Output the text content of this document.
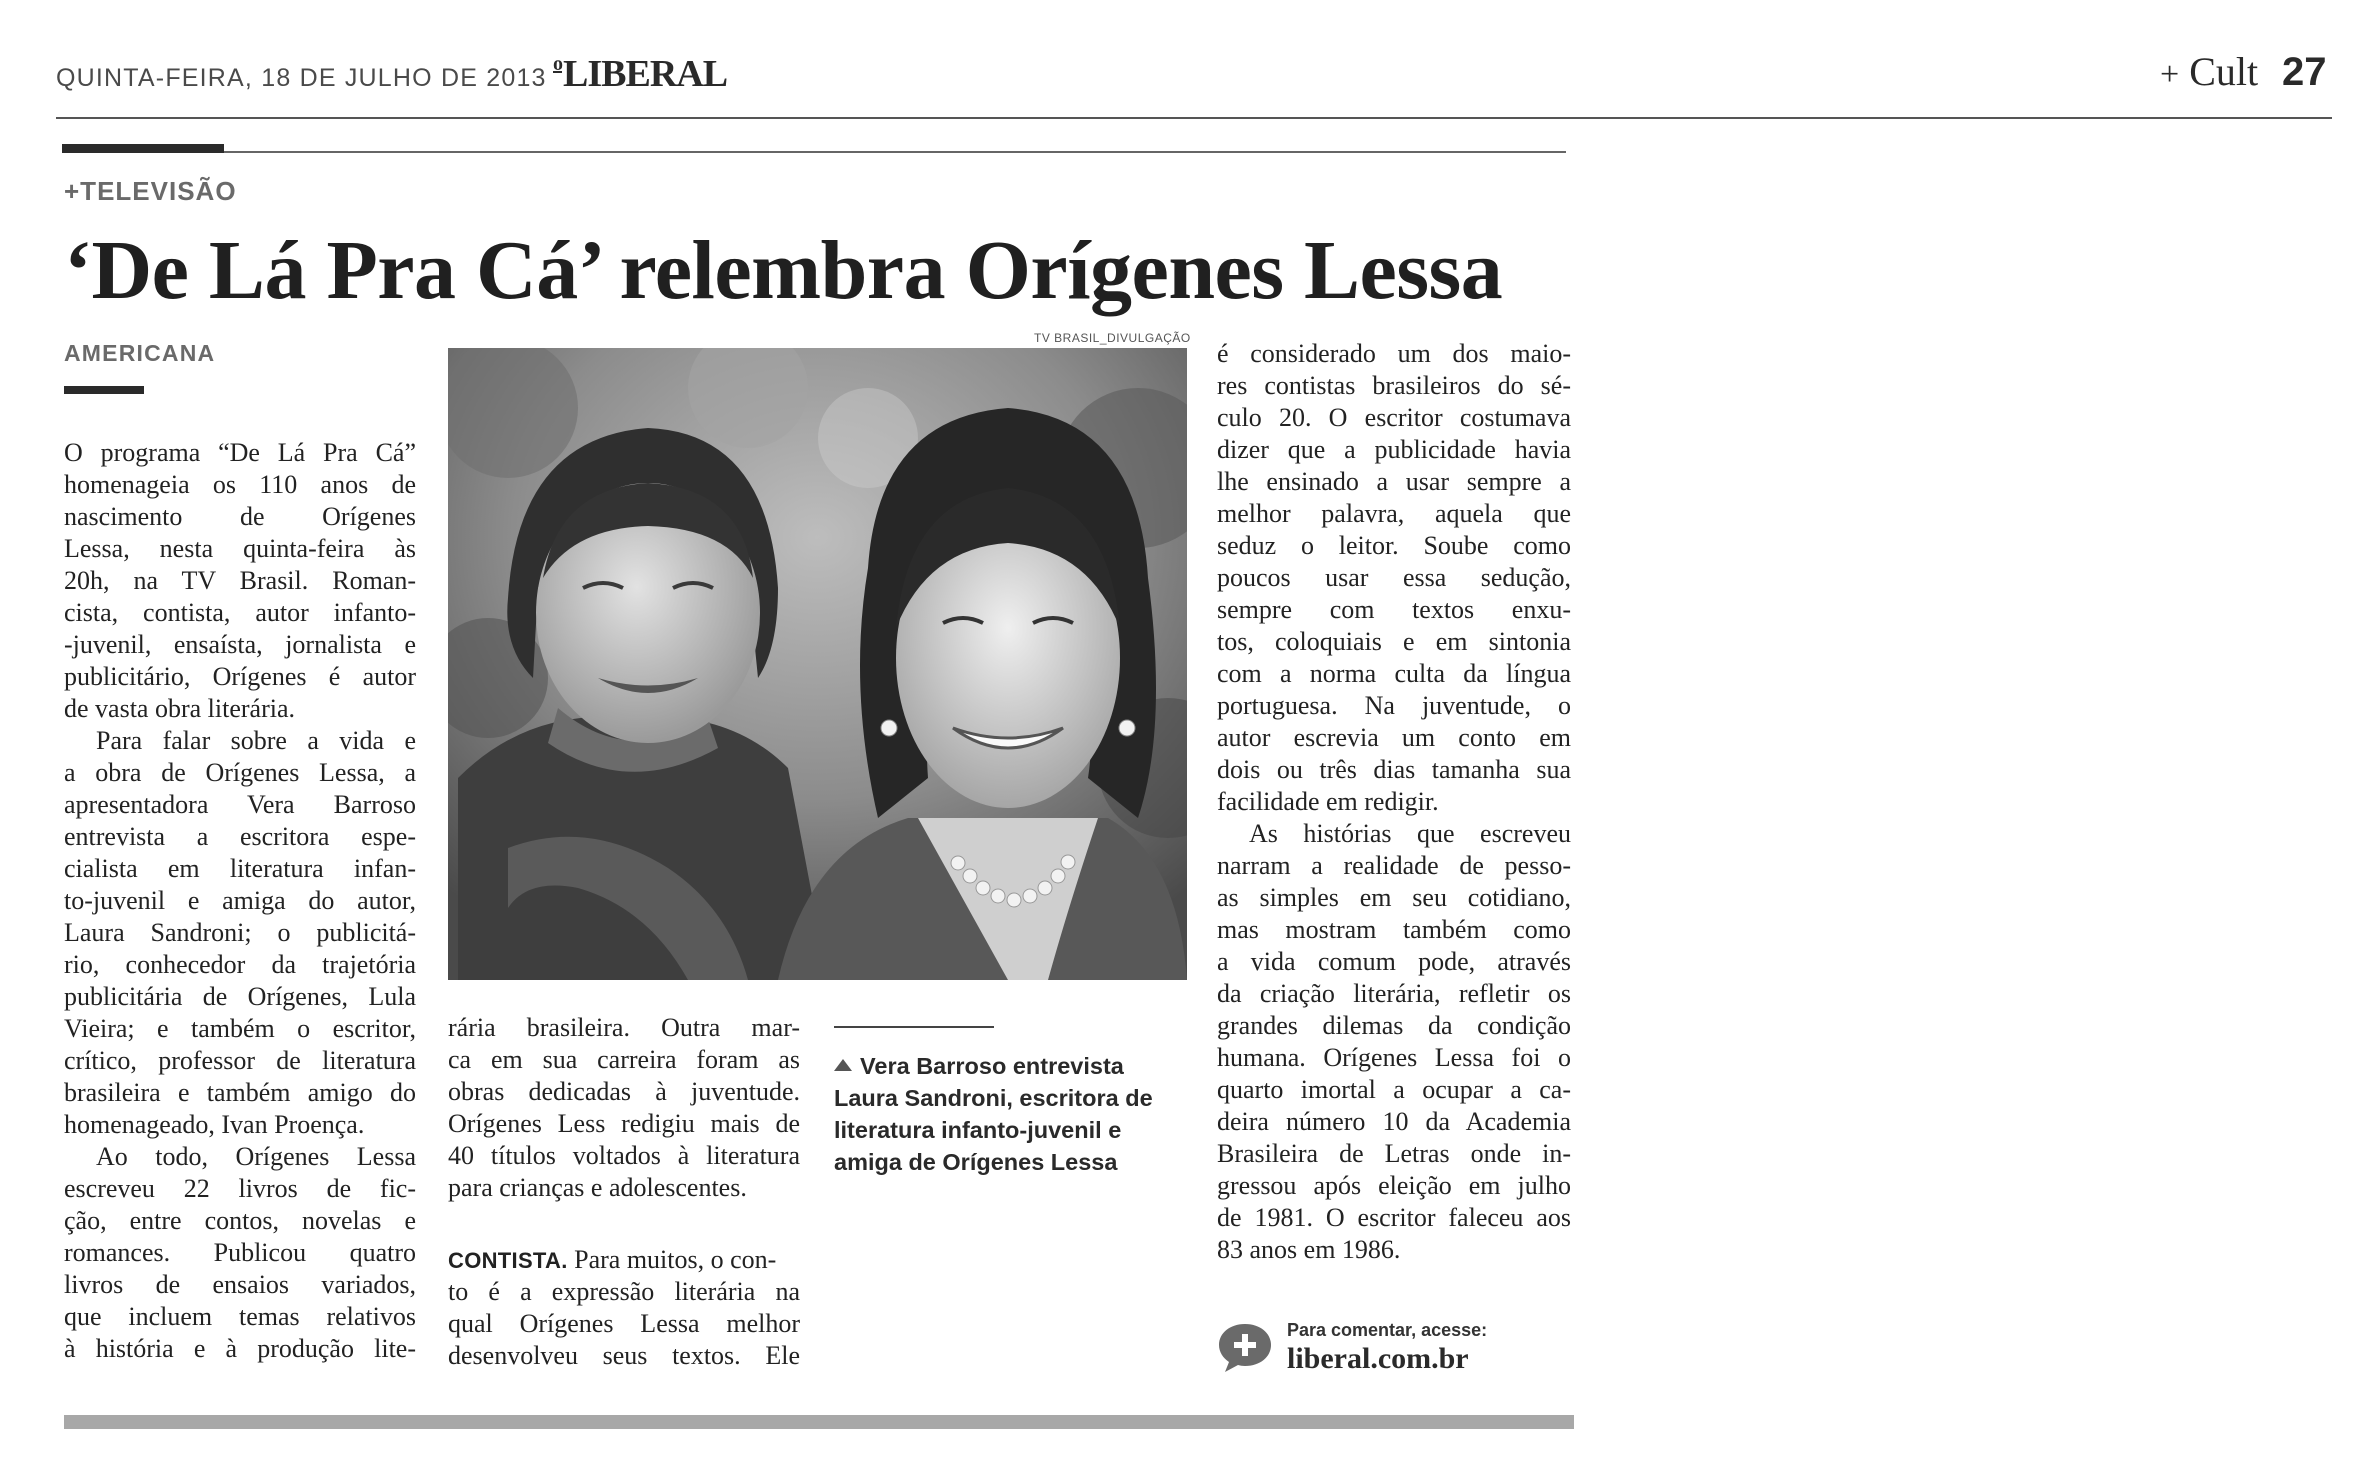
QUINTA-FEIRA, 18 DE JULHO DE 2013 $^o$LIBERAL	+ Cult 27
+TELEVISÃO
‘De Lá Pra Cá’ relembra Orígenes Lessa
AMERICANA
O programa “De Lá Pra Cá”
homenageia os 110 anos de
nascimento de Orígenes
Lessa, nesta quinta-feira às
20h, na TV Brasil. Roman-
cista, contista, autor infanto-
-juvenil, ensaísta, jornalista e
publicitário, Orígenes é autor
de vasta obra literária.
Para falar sobre a vida e
a obra de Orígenes Lessa, a
apresentadora Vera Barroso
entrevista a escritora espe-
cialista em literatura infan-
to-juvenil e amiga do autor,
Laura Sandroni; o publicitá-
rio, conhecedor da trajetória
publicitária de Orígenes, Lula
Vieira; e também o escritor,
crítico, professor de literatura
brasileira e também amigo do
homenageado, Ivan Proença.
Ao todo, Orígenes Lessa
escreveu 22 livros de fic-
ção, entre contos, novelas e
romances. Publicou quatro
livros de ensaios variados,
que incluem temas relativos
à história e à produção lite-
TV BRASIL_DIVULGAÇÃO
rária brasileira. Outra mar-
ca em sua carreira foram as
obras dedicadas à juventude.
Orígenes Less redigiu mais de
40 títulos voltados à literatura
para crianças e adolescentes.
CONTISTA. Para muitos, o con-
to é a expressão literária na
qual Orígenes Lessa melhor
desenvolveu seus textos. Ele
Vera Barroso entrevista
Laura Sandroni, escritora de
literatura infanto-juvenil e
amiga de Orígenes Lessa
é considerado um dos maio-
res contistas brasileiros do sé-
culo 20. O escritor costumava
dizer que a publicidade havia
lhe ensinado a usar sempre a
melhor palavra, aquela que
seduz o leitor. Soube como
poucos usar essa sedução,
sempre com textos enxu-
tos, coloquiais e em sintonia
com a norma culta da língua
portuguesa. Na juventude, o
autor escrevia um conto em
dois ou três dias tamanha sua
facilidade em redigir.
As histórias que escreveu
narram a realidade de pesso-
as simples em seu cotidiano,
mas mostram também como
a vida comum pode, através
da criação literária, refletir os
grandes dilemas da condição
humana. Orígenes Lessa foi o
quarto imortal a ocupar a ca-
deira número 10 da Academia
Brasileira de Letras onde in-
gressou após eleição em julho
de 1981. O escritor faleceu aos
83 anos em 1986.
Para comentar, acesse:
liberal.com.br
